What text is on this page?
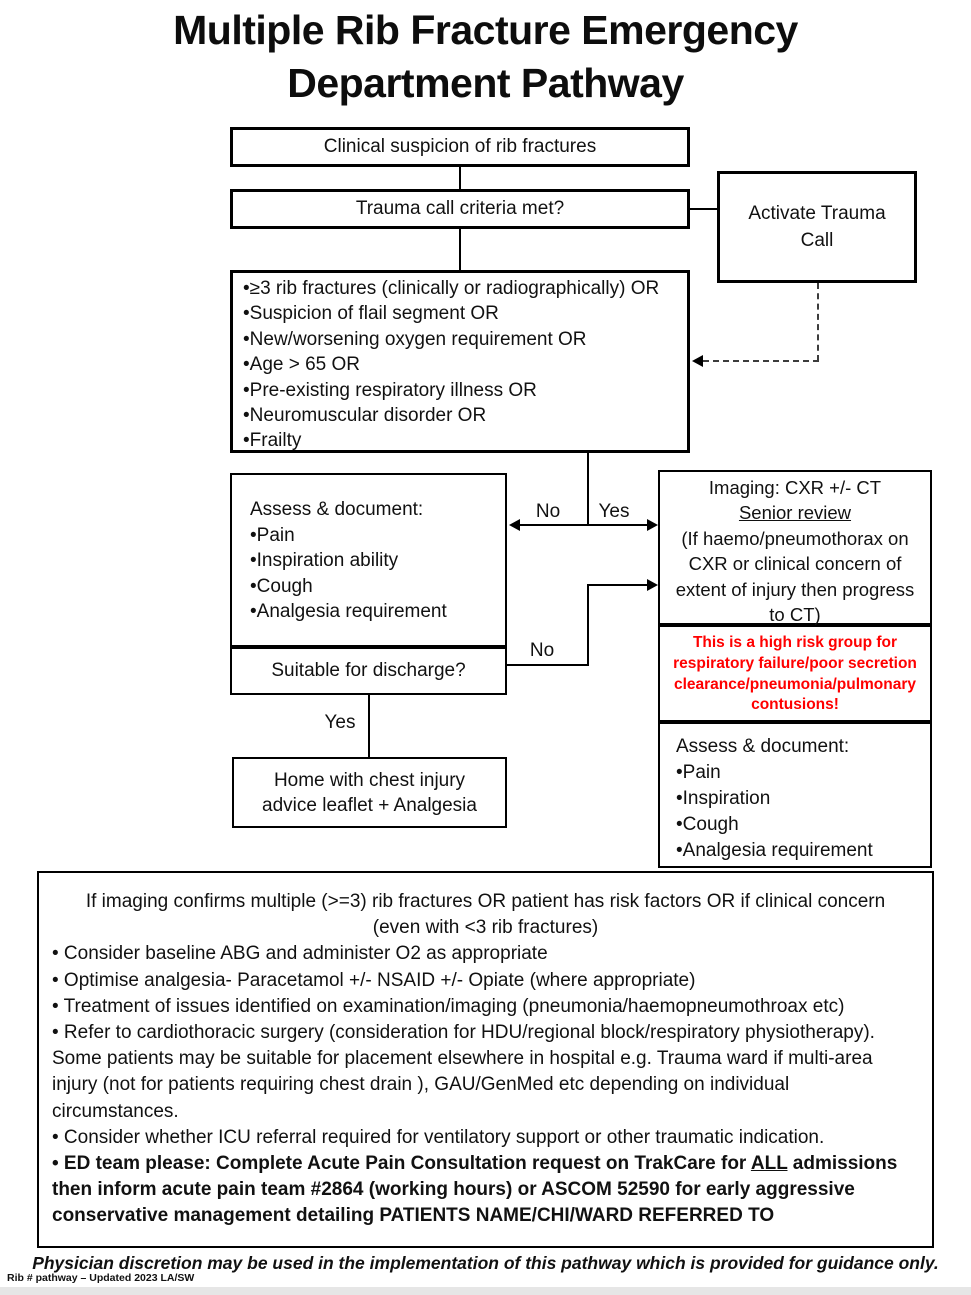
Multiple Rib Fracture Emergency
Department Pathway
Clinical suspicion of rib fractures
Trauma call criteria met?	Activate Trauma Call
•≥3 rib fractures (clinically or radiographically) OR
•Suspicion of flail segment OR
•New/worsening oxygen requirement OR
•Age > 65 OR
•Pre-existing respiratory illness OR
•Neuromuscular disorder OR
•Frailty
Assess & document:
•Pain
•Inspiration ability
•Cough
•Analgesia requirement
Suitable for discharge?
Home with chest injury advice leaflet + Analgesia
Imaging: CXR +/- CT
Senior review
(If haemo/pneumothorax on CXR or clinical concern of extent of injury then progress to CT)
This is a high risk group for respiratory failure/poor secretion clearance/pneumonia/pulmonary contusions!
Assess & document:
•Pain
•Inspiration
•Cough
•Analgesia requirement
No	Yes
No
Yes
If imaging confirms multiple (>=3) rib fractures OR patient has risk factors OR if clinical concern
(even with <3 rib fractures)
• Consider baseline ABG and administer O2 as appropriate
• Optimise analgesia- Paracetamol +/- NSAID +/- Opiate (where appropriate)
• Treatment of issues identified on examination/imaging (pneumonia/haemopneumothroax etc)
• Refer to cardiothoracic surgery (consideration for HDU/regional block/respiratory physiotherapy). Some patients may be suitable for placement elsewhere in hospital e.g. Trauma ward if multi-area injury (not for patients requiring chest drain ), GAU/GenMed etc depending on individual circumstances.
• Consider whether ICU referral required for ventilatory support or other traumatic indication.
• ED team please: Complete Acute Pain Consultation request on TrakCare for ALL admissions then inform acute pain team #2864 (working hours) or ASCOM 52590 for early aggressive conservative management detailing PATIENTS NAME/CHI/WARD REFERRED TO
Physician discretion may be used in the implementation of this pathway which is provided for guidance only.
Rib # pathway – Updated 2023 LA/SW
